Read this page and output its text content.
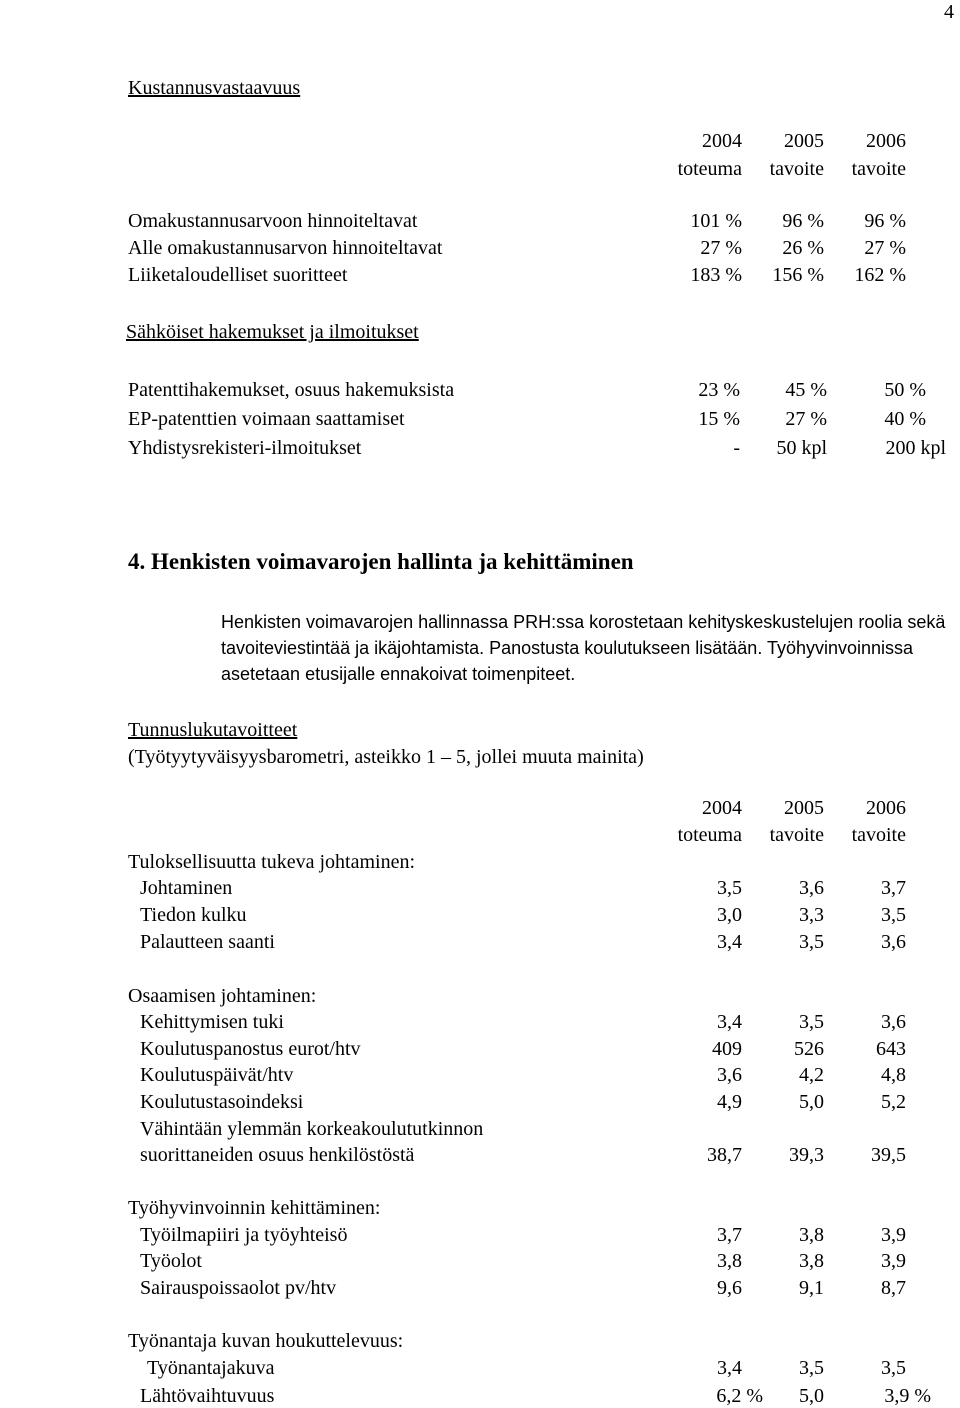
4
Kustannusvastaavuus
2004	2005	2006
toteuma	tavoite	tavoite
Omakustannusarvoon hinnoiteltavat	101 %	96 %	96 %
Alle omakustannusarvon hinnoiteltavat	27 %	26 %	27 %
Liiketaloudelliset suoritteet	183 %	156 %	162 %
Sähköiset hakemukset ja ilmoitukset
Patenttihakemukset, osuus hakemuksista	23 %	45 %	50 %
EP-patenttien voimaan saattamiset	15 %	27 %	40 %
Yhdistysrekisteri-ilmoitukset	-	50 kpl	200 kpl
4. Henkisten voimavarojen hallinta ja kehittäminen
Henkisten voimavarojen hallinnassa PRH:ssa korostetaan kehityskeskustelujen roolia sekä tavoiteviestintää ja ikäjohtamista. Panostusta koulutukseen lisätään. Työhyvinvoinnissa asetetaan etusijalle ennakoivat toimenpiteet.
Tunnuslukutavoitteet
(Työtyytyväisyysbarometri, asteikko 1 – 5, jollei muuta mainita)
2004	2005	2006
toteuma	tavoite	tavoite
Tuloksellisuutta tukeva johtaminen:
Johtaminen	3,5	3,6	3,7
Tiedon kulku	3,0	3,3	3,5
Palautteen saanti	3,4	3,5	3,6
Osaamisen johtaminen:
Kehittymisen tuki	3,4	3,5	3,6
Koulutuspanostus eurot/htv	409	526	643
Koulutuspäivät/htv	3,6	4,2	4,8
Koulutustasoindeksi	4,9	5,0	5,2
Vähintään ylemmän korkeakoulututkinnon
suorittaneiden osuus henkilöstöstä	38,7	39,3	39,5
Työhyvinvoinnin kehittäminen:
Työilmapiiri ja työyhteisö	3,7	3,8	3,9
Työolot	3,8	3,8	3,9
Sairauspoissaolot pv/htv	9,6	9,1	8,7
Työnantaja kuvan houkuttelevuus:
Työnantajakuva	3,4	3,5	3,5
Lähtövaihtuvuus	6,2 %	5,0	3,9 %
